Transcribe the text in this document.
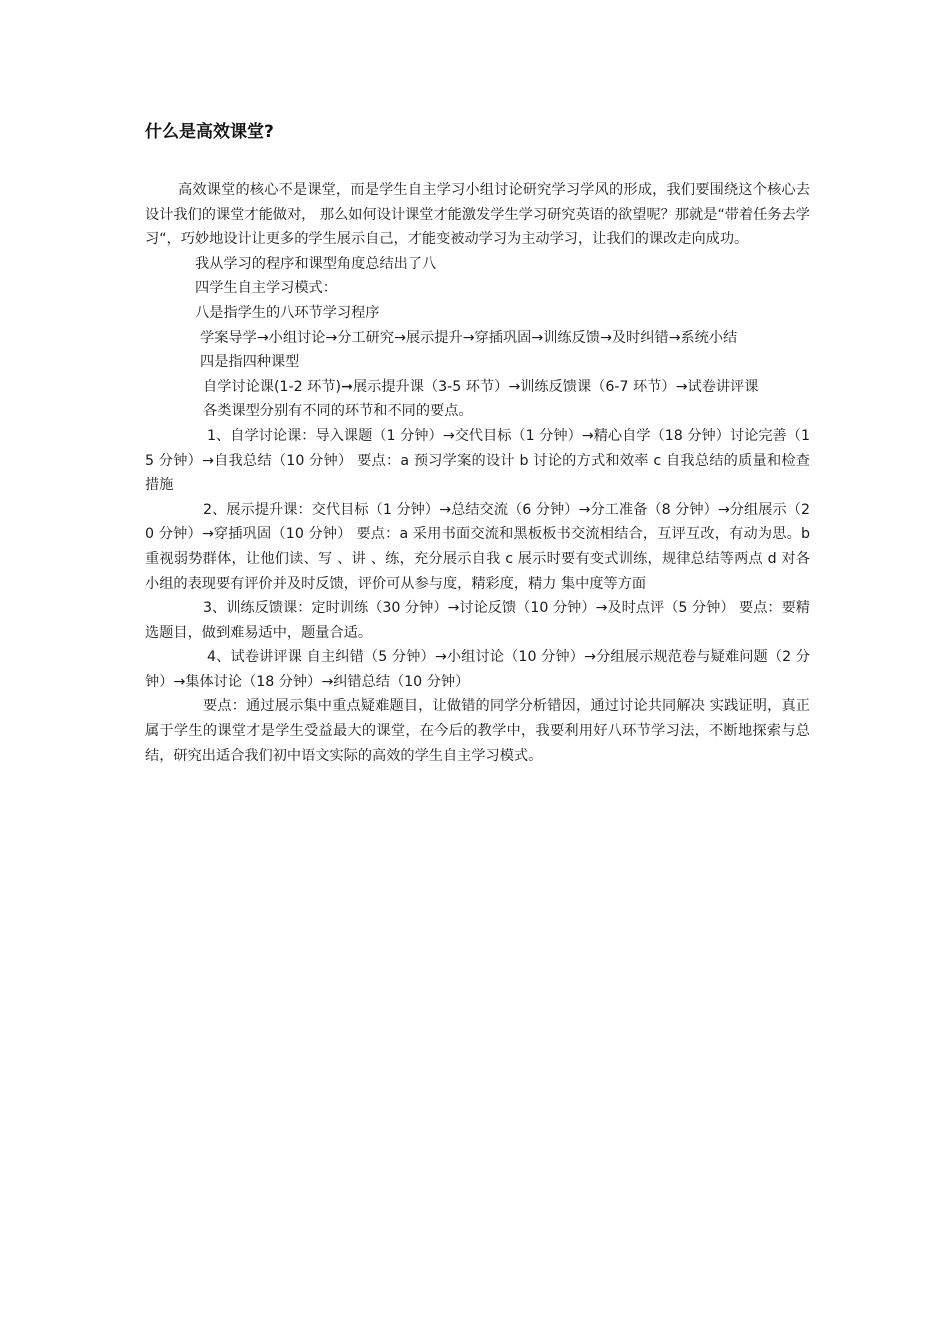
什么是高效课堂?

高效课堂的核心不是课堂，而是学生自主学习小组讨论研究学习学风的形成，我们要围绕这个核心去设计我们的课堂才能做对， 那么如何设计课堂才能激发学生学习研究英语的欲望呢？那就是“带着任务去学习“，巧妙地设计让更多的学生展示自己，才能变被动学习为主动学习，让我们的课改走向成功。

我从学习的程序和课型角度总结出了八

四学生自主学习模式：

八是指学生的八环节学习程序

学案导学→小组讨论→分工研究→展示提升→穿插巩固→训练反馈→及时纠错→系统小结

四是指四种课型

自学讨论课(1-2 环节)➞展示提升课（3-5 环节）→训练反馈课（6-7 环节）→试卷讲评课

各类课型分别有不同的环节和不同的要点。

1、自学讨论课：导入课题（1 分钟）→交代目标（1 分钟）→精心自学（18 分钟）讨论完善（15 分钟）→自我总结（10 分钟） 要点：a 预习学案的设计 b 讨论的方式和效率 c 自我总结的质量和检查措施

2、展示提升课：交代目标（1 分钟）→总结交流（6 分钟）→分工准备（8 分钟）→分组展示（20 分钟）→穿插巩固（10 分钟） 要点：a 采用书面交流和黑板板书交流相结合，互评互改，有动为思。b 重视弱势群体，让他们读、写 、讲 、练，充分展示自我 c 展示时要有变式训练，规律总结等两点 d 对各小组的表现要有评价并及时反馈，评价可从参与度，精彩度，精力 集中度等方面

3、训练反馈课：定时训练（30 分钟）→讨论反馈（10 分钟）→及时点评（5 分钟） 要点：要精选题目，做到难易适中，题量合适。

4、试卷讲评课 自主纠错（5 分钟）→小组讨论（10 分钟）→分组展示规范卷与疑难问题（2 分钟）→集体讨论（18 分钟）→纠错总结（10 分钟）

要点：通过展示集中重点疑难题目，让做错的同学分析错因，通过讨论共同解决 实践证明，真正属于学生的课堂才是学生受益最大的课堂，在今后的教学中，我要利用好八环节学习法，不断地探索与总结，研究出适合我们初中语文实际的高效的学生自主学习模式。
